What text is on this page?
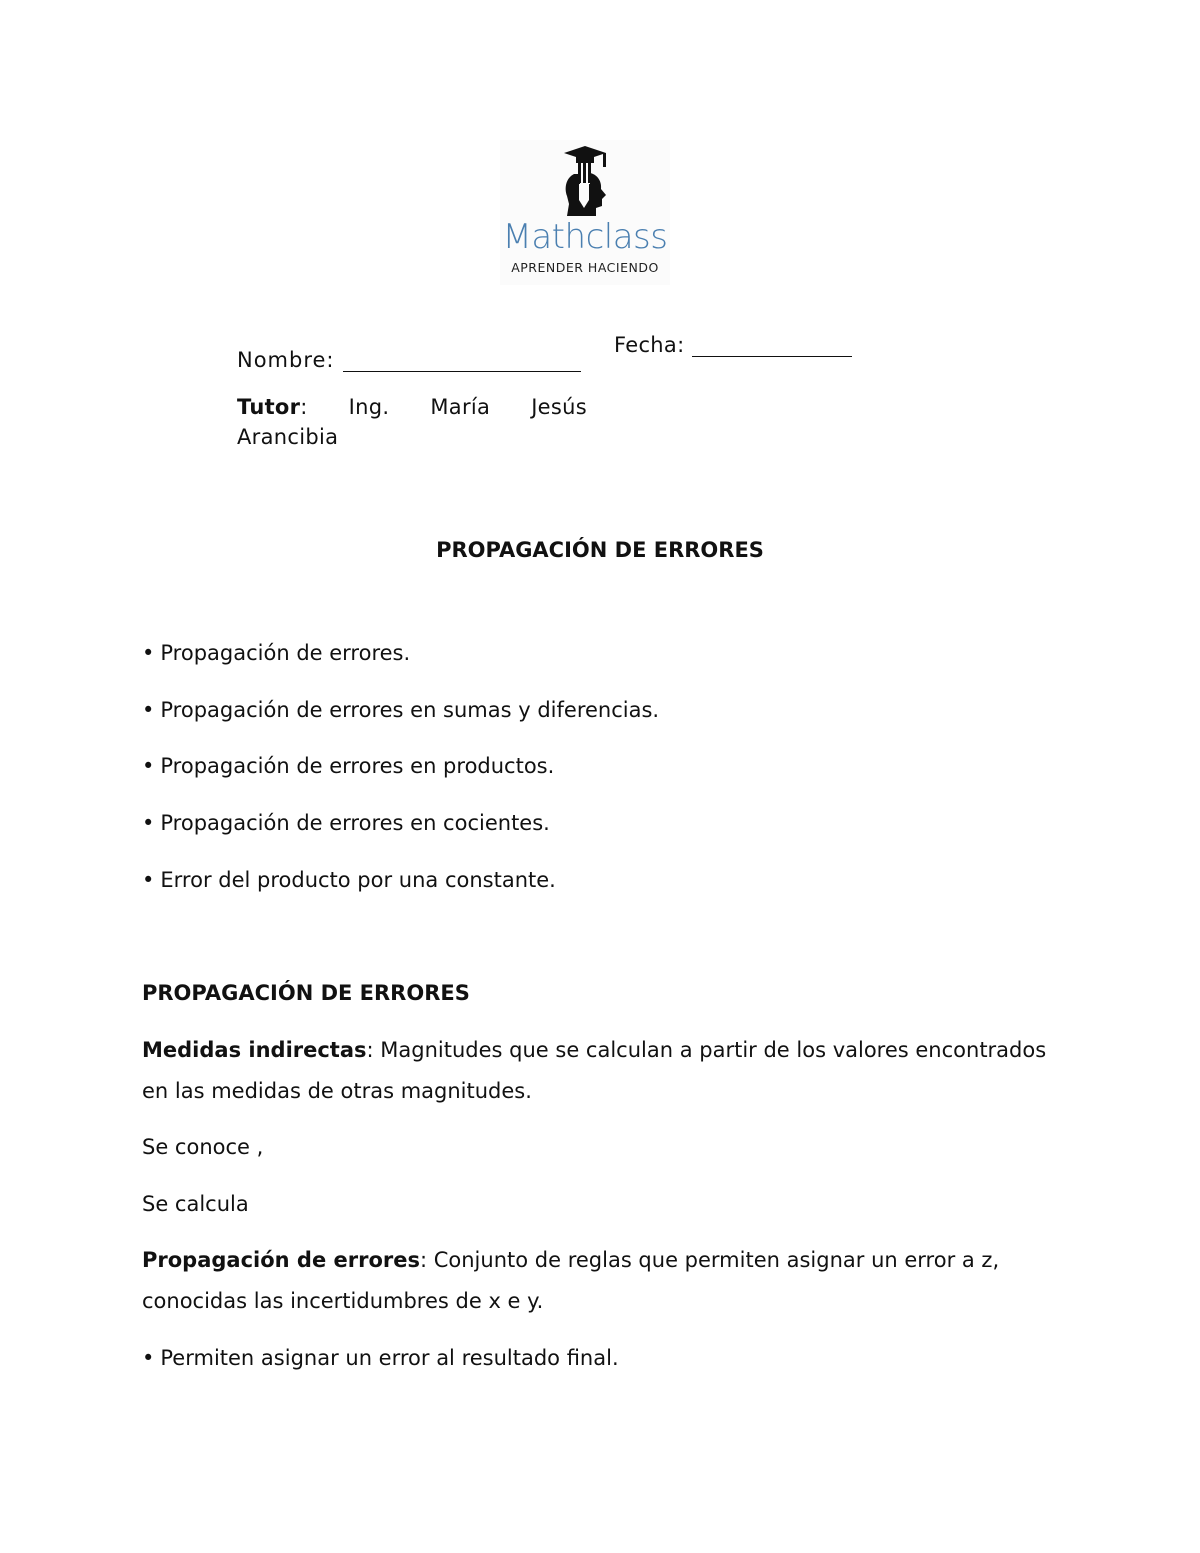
Mathclass
APRENDER HACIENDO
Nombre:
Fecha:
Tutor: Ing. María Jesús Arancibia
PROPAGACIÓN DE ERRORES
• Propagación de errores.
• Propagación de errores en sumas y diferencias.
• Propagación de errores en productos.
• Propagación de errores en cocientes.
• Error del producto por una constante.
PROPAGACIÓN DE ERRORES

Medidas indirectas: Magnitudes que se calculan a partir de los valores encontrados en las medidas de otras magnitudes.

Se conoce ,
Se calcula

Propagación de errores: Conjunto de reglas que permiten asignar un error a z, conocidas las incertidumbres de x e y.

• Permiten asignar un error al resultado final.
